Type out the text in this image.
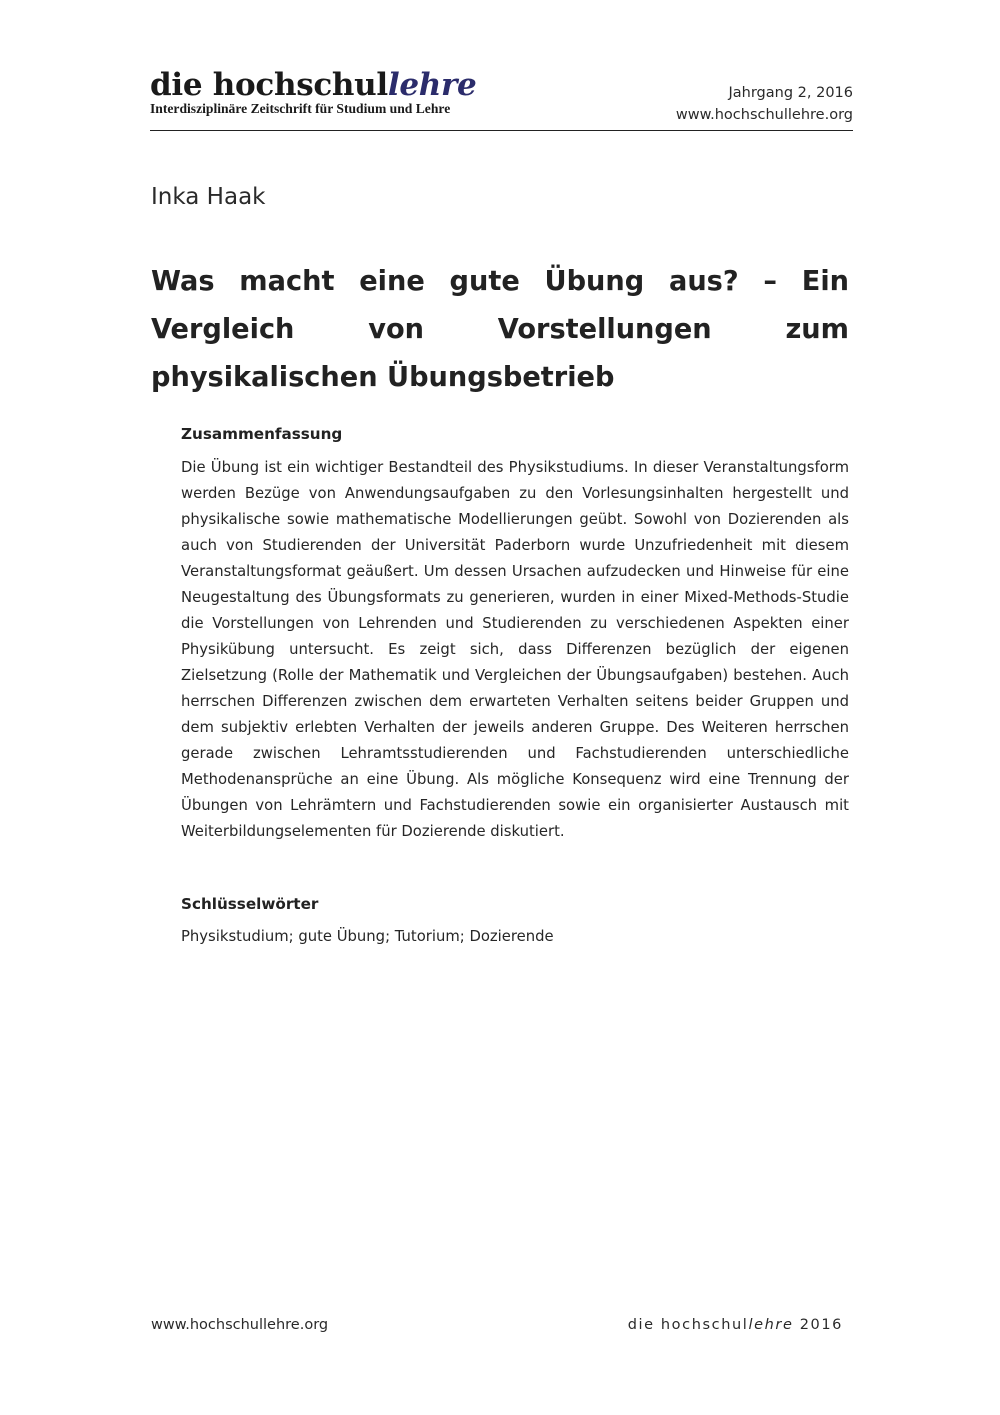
die hochschullehre
Interdisziplinäre Zeitschrift für Studium und Lehre
Jahrgang 2, 2016
www.hochschullehre.org
Inka Haak
Was macht eine gute Übung aus? – Ein Vergleich von Vorstellungen zum physikalischen Übungsbetrieb
Zusammenfassung
Die Übung ist ein wichtiger Bestandteil des Physikstudiums. In dieser Veranstaltungsform werden Bezüge von Anwendungsaufgaben zu den Vorlesungsinhalten hergestellt und physikalische sowie mathematische Modellierungen geübt. Sowohl von Dozierenden als auch von Studierenden der Universität Paderborn wurde Unzufriedenheit mit diesem Veranstaltungsformat geäußert. Um dessen Ursachen aufzudecken und Hinweise für eine Neugestaltung des Übungsformats zu generieren, wurden in einer Mixed-Methods-Studie die Vorstellungen von Lehrenden und Studierenden zu verschiedenen Aspekten einer Physikübung untersucht. Es zeigt sich, dass Differenzen bezüglich der eigenen Zielsetzung (Rolle der Mathematik und Vergleichen der Übungsaufgaben) bestehen. Auch herrschen Differenzen zwischen dem erwarteten Verhalten seitens beider Gruppen und dem subjektiv erlebten Verhalten der jeweils anderen Gruppe. Des Weiteren herrschen gerade zwischen Lehramtsstudierenden und Fachstudierenden unterschiedliche Methodenansprüche an eine Übung. Als mögliche Konsequenz wird eine Trennung der Übungen von Lehrämtern und Fachstudierenden sowie ein organisierter Austausch mit Weiterbildungselementen für Dozierende diskutiert.
Schlüsselwörter
Physikstudium; gute Übung; Tutorium; Dozierende
www.hochschullehre.org	die hochschullehre 2016
